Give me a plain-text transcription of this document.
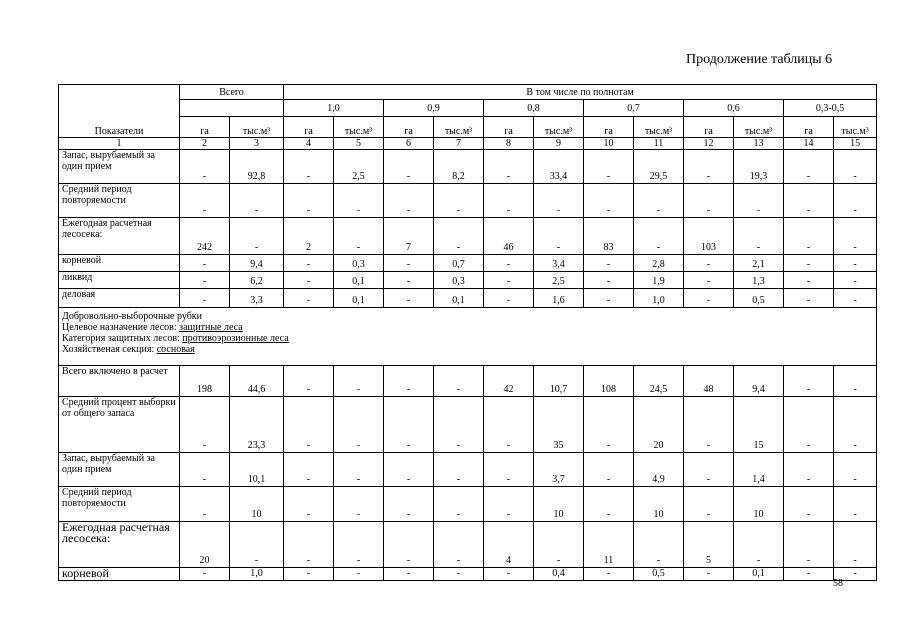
Продолжение таблицы 6
Показатели	Всего		В том числе по полнотам											
			1,0		0,9		0,8		0,7		0,6		0,3-0,5	
	га	тыс.м³	га	тыс.м³	га	тыс.м³	га	тыс.м³	га	тыс.м³	га	тыс.м³	га	тыс.м³
1	2	3	4	5	6	7	8	9	10	11	12	13	14	15
Запас, вырубаемый за один прием	-	92,8	-	2,5	-	8,2	-	33,4	-	29,5	-	19,3	-	-
Средний период повторяемости	-	-	-	-	-	-	-	-	-	-	-	-	-	-
Ежегодная расчетная лесосека:	242	-	2	-	7	-	46	-	83	-	103	-	-	-
корневой	-	9,4	-	0,3	-	0,7	-	3,4	-	2,8	-	2,1	-	-
ликвид	-	6,2	-	0,1	-	0,3	-	2,5	-	1,9	-	1,3	-	-
деловая	-	3,3	-	0,1	-	0,1	-	1,6	-	1,0	-	0,5	-	-

Добровольно-выборочные рубки
Целевое назначение лесов: защитные леса
Категория защитных лесов: противоэрозионные леса
Хозяйственая секция: сосновая														

Всего включено в расчет	198	44,6	-	-	-	-	42	10,7	108	24,5	48	9,4	-	-
Средний процент выборки от общего запаса	-	23,3	-	-	-	-	-	35	-	20	-	15	-	-
Запас, вырубаемый за один прием	-	10,1	-	-	-	-	-	3,7	-	4,9	-	1,4	-	-
Средний период повторяемости	-	10	-	-	-	-	-	10	-	10	-	10	-	-
Ежегодная расчетная лесосека:	20	-	-	-	-	-	4	-	11	-	5	-	-	-
корневой	-	1,0	-	-	-	-	-	0,4	-	0,5	-	0,1	-	-
58
